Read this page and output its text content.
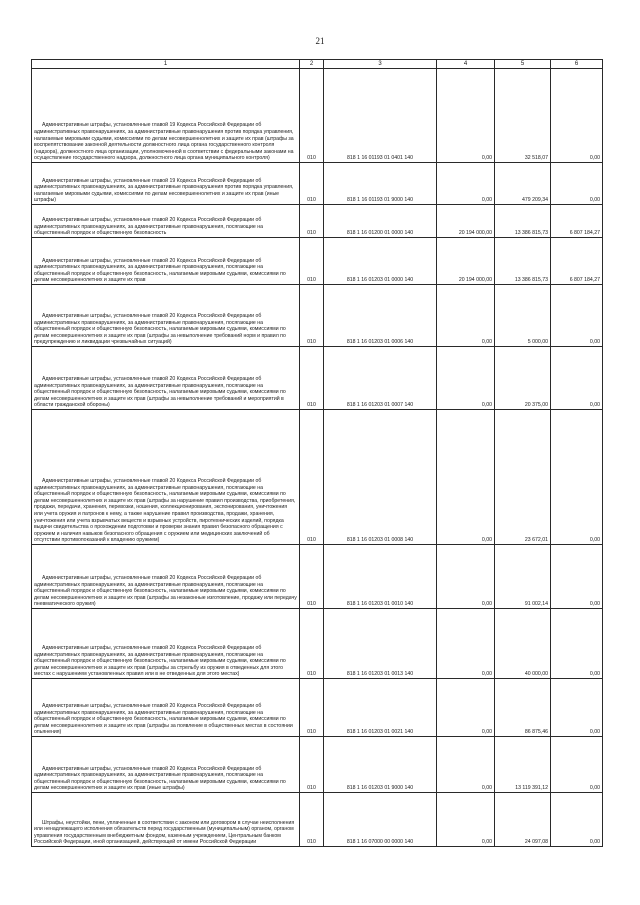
21
1	2	3	4	5	6

Административные штрафы, установленные главой 19 Кодекса Российской Федерации об административных правонарушениях, за административные правонарушения против порядка управления, налагаемые мировыми судьями, комиссиями по делам несовершеннолетних и защите их прав (штрафы за воспрепятствование законной деятельности должностного лица органа государственного контроля (надзора), должностного лица организации, уполномоченной в соответствии с федеральными законами на осуществление государственного надзора, должностного лица органа муниципального контроля)	010	818 1 16 01193 01 0401 140	0,00	32 518,07	0,00

Административные штрафы, установленные главой 19 Кодекса Российской Федерации об административных правонарушениях, за административные правонарушения против порядка управления, налагаемые мировыми судьями, комиссиями по делам несовершеннолетних и защите их прав (иные штрафы)	010	818 1 16 01193 01 9000 140	0,00	479 209,34	0,00

Административные штрафы, установленные главой 20 Кодекса Российской Федерации об административных правонарушениях, за административные правонарушения, посягающие на общественный порядок и общественную безопасность	010	818 1 16 01200 01 0000 140	20 194 000,00	13 386 815,73	6 807 184,27

Административные штрафы, установленные главой 20 Кодекса Российской Федерации об административных правонарушениях, за административные правонарушения, посягающие на общественный порядок и общественную безопасность, налагаемые мировыми судьями, комиссиями по делам несовершеннолетних и защите их прав	010	818 1 16 01203 01 0000 140	20 194 000,00	13 386 815,73	6 807 184,27

Административные штрафы, установленные главой 20 Кодекса Российской Федерации об административных правонарушениях, за административные правонарушения, посягающие на общественный порядок и общественную безопасность, налагаемые мировыми судьями, комиссиями по делам несовершеннолетних и защите их прав (штрафы за невыполнение требований норм и правил по предупреждению и ликвидации чрезвычайных ситуаций)	010	818 1 16 01203 01 0006 140	0,00	5 000,00	0,00

Административные штрафы, установленные главой 20 Кодекса Российской Федерации об административных правонарушениях, за административные правонарушения, посягающие на общественный порядок и общественную безопасность, налагаемые мировыми судьями, комиссиями по делам несовершеннолетних и защите их прав (штрафы за невыполнение требований и мероприятий в области гражданской обороны)	010	818 1 16 01203 01 0007 140	0,00	20 375,00	0,00

Административные штрафы, установленные главой 20 Кодекса Российской Федерации об административных правонарушениях, за административные правонарушения, посягающие на общественный порядок и общественную безопасность, налагаемые мировыми судьями, комиссиями по делам несовершеннолетних и защите их прав (штрафы за нарушение правил производства, приобретения, продажи, передачи, хранения, перевозки, ношения, коллекционирования, экспонирования, уничтожения или учета оружия и патронов к нему, а также нарушение правил производства, продажи, хранения, уничтожения или учета взрывчатых веществ и взрывных устройств, пиротехнических изделий, порядка выдачи свидетельства о прохождении подготовки и проверки знания правил безопасного обращения с оружием и наличия навыков безопасного обращения с оружием или медицинских заключений об отсутствии противопоказаний к владению оружием)	010	818 1 16 01203 01 0008 140	0,00	23 672,01	0,00

Административные штрафы, установленные главой 20 Кодекса Российской Федерации об административных правонарушениях, за административные правонарушения, посягающие на общественный порядок и общественную безопасность, налагаемые мировыми судьями, комиссиями по делам несовершеннолетних и защите их прав (штрафы за незаконные изготовление, продажу или передачу пневматического оружия)	010	818 1 16 01203 01 0010 140	0,00	91 002,14	0,00

Административные штрафы, установленные главой 20 Кодекса Российской Федерации об административных правонарушениях, за административные правонарушения, посягающие на общественный порядок и общественную безопасность, налагаемые мировыми судьями, комиссиями по делам несовершеннолетних и защите их прав (штрафы за стрельбу из оружия в отведенных для этого местах с нарушением установленных правил или в не отведенных для этого местах)	010	818 1 16 01203 01 0013 140	0,00	40 000,00	0,00

Административные штрафы, установленные главой 20 Кодекса Российской Федерации об административных правонарушениях, за административные правонарушения, посягающие на общественный порядок и общественную безопасность, налагаемые мировыми судьями, комиссиями по делам несовершеннолетних и защите их прав (штрафы за появление в общественных местах в состоянии опьянения)	010	818 1 16 01203 01 0021 140	0,00	86 875,46	0,00

Административные штрафы, установленные главой 20 Кодекса Российской Федерации об административных правонарушениях, за административные правонарушения, посягающие на общественный порядок и общественную безопасность, налагаемые мировыми судьями, комиссиями по делам несовершеннолетних и защите их прав (иные штрафы)	010	818 1 16 01203 01 9000 140	0,00	13 119 391,12	0,00

Штрафы, неустойки, пени, уплаченные в соответствии с законом или договором в случае неисполнения или ненадлежащего исполнения обязательств перед государственным (муниципальным) органом, органом управления государственным внебюджетным фондом, казенным учреждением, Центральным банком Российской Федерации, иной организацией, действующей от имени Российской Федерации	010	818 1 16 07000 00 0000 140	0,00	24 097,08	0,00
